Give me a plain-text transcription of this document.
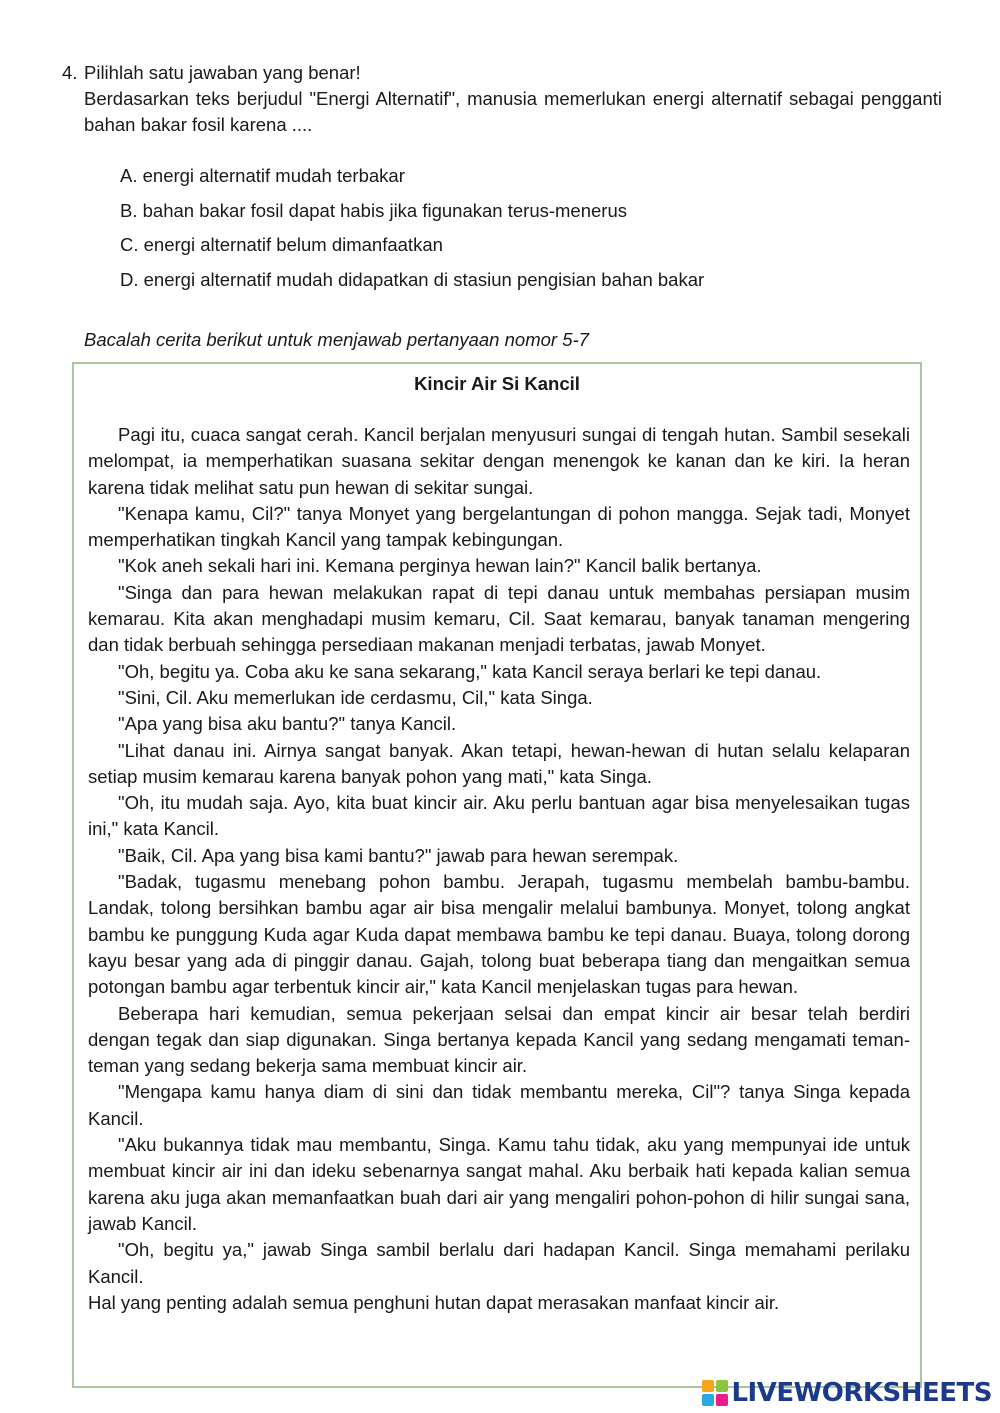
4. Pilihlah satu jawaban yang benar!
Berdasarkan teks berjudul "Energi Alternatif", manusia memerlukan energi alternatif sebagai pengganti bahan bakar fosil karena ....
A. energi alternatif mudah terbakar
B. bahan bakar fosil dapat habis jika figunakan terus-menerus
C. energi alternatif belum dimanfaatkan
D. energi alternatif mudah didapatkan di stasiun pengisian bahan bakar
Bacalah cerita berikut untuk menjawab pertanyaan nomor 5-7
Kincir Air Si Kancil

Pagi itu, cuaca sangat cerah. Kancil berjalan menyusuri sungai di tengah hutan. Sambil sesekali melompat, ia memperhatikan suasana sekitar dengan menengok ke kanan dan ke kiri. Ia heran karena tidak melihat satu pun hewan di sekitar sungai.

"Kenapa kamu, Cil?" tanya Monyet yang bergelantungan di pohon mangga. Sejak tadi, Monyet memperhatikan tingkah Kancil yang tampak kebingungan.

"Kok aneh sekali hari ini. Kemana perginya hewan lain?" Kancil balik bertanya.

"Singa dan para hewan melakukan rapat di tepi danau untuk membahas persiapan musim kemarau. Kita akan menghadapi musim kemaru, Cil. Saat kemarau, banyak tanaman mengering dan tidak berbuah sehingga persediaan makanan menjadi terbatas, jawab Monyet.

"Oh, begitu ya. Coba aku ke sana sekarang," kata Kancil seraya berlari ke tepi danau.

"Sini, Cil. Aku memerlukan ide cerdasmu, Cil," kata Singa.

"Apa yang bisa aku bantu?" tanya Kancil.

"Lihat danau ini. Airnya sangat banyak. Akan tetapi, hewan-hewan di hutan selalu kelaparan setiap musim kemarau karena banyak pohon yang mati," kata Singa.

"Oh, itu mudah saja. Ayo, kita buat kincir air. Aku perlu bantuan agar bisa menyelesaikan tugas ini," kata Kancil.

"Baik, Cil. Apa yang bisa kami bantu?" jawab para hewan serempak.

"Badak, tugasmu menebang pohon bambu. Jerapah, tugasmu membelah bambu-bambu. Landak, tolong bersihkan bambu agar air bisa mengalir melalui bambunya. Monyet, tolong angkat bambu ke punggung Kuda agar Kuda dapat membawa bambu ke tepi danau. Buaya, tolong dorong kayu besar yang ada di pinggir danau. Gajah, tolong buat beberapa tiang dan mengaitkan semua potongan bambu agar terbentuk kincir air," kata Kancil menjelaskan tugas para hewan.

Beberapa hari kemudian, semua pekerjaan selsai dan empat kincir air besar telah berdiri dengan tegak dan siap digunakan. Singa bertanya kepada Kancil yang sedang mengamati teman-teman yang sedang bekerja sama membuat kincir air.

"Mengapa kamu hanya diam di sini dan tidak membantu mereka, Cil"? tanya Singa kepada Kancil.

"Aku bukannya tidak mau membantu, Singa. Kamu tahu tidak, aku yang mempunyai ide untuk membuat kincir air ini dan ideku sebenarnya sangat mahal. Aku berbaik hati kepada kalian semua karena aku juga akan memanfaatkan buah dari air yang mengaliri pohon-pohon di hilir sungai sana, jawab Kancil.

"Oh, begitu ya," jawab Singa sambil berlalu dari hadapan Kancil. Singa memahami perilaku Kancil.

Hal yang penting adalah semua penghuni hutan dapat merasakan manfaat kincir air.

LIVEWORKSHEETS
